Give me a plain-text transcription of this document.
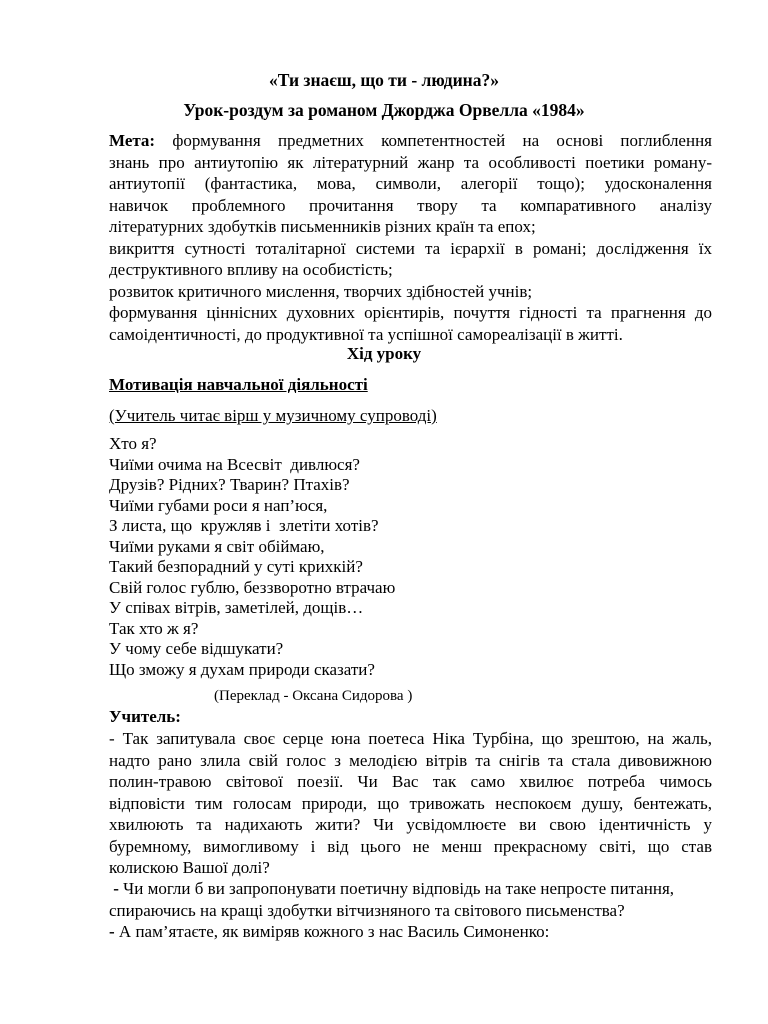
«Ти знаєш, що ти - людина?»
Урок-роздум за романом Джорджа Орвелла «1984»

Мета: формування предметних компетентностей на основі поглиблення

знань про антиутопію як літературний жанр та особливості поетики роману-

антиутопії (фантастика, мова, символи, алегорії тощо); удосконалення

навичок проблемного прочитання твору та компаративного аналізу

літературних здобутків письменників різних країн та епох;

викриття сутності тоталітарної системи та ієрархії в романі; дослідження їх

деструктивного впливу на особистість;

розвиток критичного мислення, творчих здібностей учнів;

формування ціннісних духовних орієнтирів, почуття гідності та прагнення до

самоідентичності, до продуктивної та успішної самореалізації в житті.

Хід уроку
Мотивація навчальної діяльності
(Учитель читає вірш у музичному супроводі)
Хто я?
Чиїми очима на Всесвіт  дивлюся?
Друзів? Рідних? Тварин? Птахів?
Чиїми губами роси я нап’юся,
З листа, що  кружляв і  злетіти хотів?
Чиїми руками я світ обіймаю,
Такий безпорадний у суті крихкій?
Свій голос гублю, беззворотно втрачаю
У співах вітрів, заметілей, дощів…
Так хто ж я?
У чому себе відшукати?
Що зможу я духам природи сказати?
(Переклад - Оксана Сидорова )
Учитель:

- Так запитувала своє серце юна поетеса Ніка Турбіна, що зрештою, на жаль,

надто рано злила свій голос з мелодією вітрів та снігів та стала дивовижною

полин-травою світової поезії. Чи Вас так само хвилює потреба чимось

відповісти тим голосам природи, що тривожать неспокоєм душу, бентежать,

хвилюють та надихають жити? Чи усвідомлюєте ви свою ідентичність у

буремному, вимогливому і від цього не менш прекрасному світі, що став

колискою Вашої долі?

- Чи могли б ви запропонувати поетичну відповідь на таке непросте питання,

спираючись на кращі здобутки вітчизняного та світового письменства?

- А пам’ятаєте, як виміряв кожного з нас Василь Симоненко:
